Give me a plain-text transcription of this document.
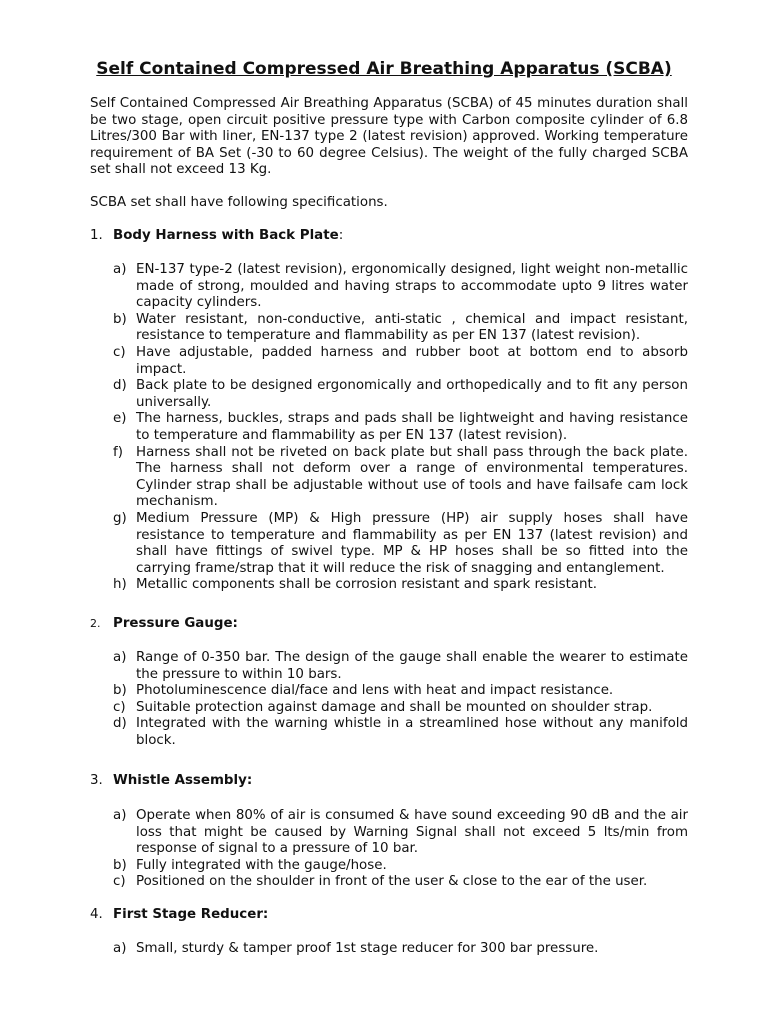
Self Contained Compressed Air Breathing Apparatus (SCBA)

Self Contained Compressed Air Breathing Apparatus (SCBA) of 45 minutes duration shall be two stage, open circuit positive pressure type with Carbon composite cylinder of 6.8 Litres/300 Bar with liner, EN-137 type 2 (latest revision) approved. Working temperature requirement of BA Set (-30 to 60 degree Celsius). The weight of the fully charged SCBA set shall not exceed 13 Kg.

SCBA set shall have following specifications.

1. Body Harness with Back Plate:

a) EN-137 type-2 (latest revision), ergonomically designed, light weight non-metallic made of strong, moulded and having straps to accommodate upto 9 litres water capacity cylinders.
b) Water resistant, non-conductive, anti-static , chemical and impact resistant, resistance to temperature and flammability as per EN 137 (latest revision).
c) Have adjustable, padded harness and rubber boot at bottom end to absorb impact.
d) Back plate to be designed ergonomically and orthopedically and to fit any person universally.
e) The harness, buckles, straps and pads shall be lightweight and having resistance to temperature and flammability as per EN 137 (latest revision).
f) Harness shall not be riveted on back plate but shall pass through the back plate. The harness shall not deform over a range of environmental temperatures. Cylinder strap shall be adjustable without use of tools and have failsafe cam lock mechanism.
g) Medium Pressure (MP) & High pressure (HP) air supply hoses shall have resistance to temperature and flammability as per EN 137 (latest revision) and shall have fittings of swivel type. MP & HP hoses shall be so fitted into the carrying frame/strap that it will reduce the risk of snagging and entanglement.
h) Metallic components shall be corrosion resistant and spark resistant.

2. Pressure Gauge:

a) Range of 0-350 bar. The design of the gauge shall enable the wearer to estimate the pressure to within 10 bars.
b) Photoluminescence dial/face and lens with heat and impact resistance.
c) Suitable protection against damage and shall be mounted on shoulder strap.
d) Integrated with the warning whistle in a streamlined hose without any manifold block.

3. Whistle Assembly:

a) Operate when 80% of air is consumed & have sound exceeding 90 dB and the air loss that might be caused by Warning Signal shall not exceed 5 lts/min from response of signal to a pressure of 10 bar.
b) Fully integrated with the gauge/hose.
c) Positioned on the shoulder in front of the user & close to the ear of the user.

4. First Stage Reducer:

a) Small, sturdy & tamper proof 1st stage reducer for 300 bar pressure.
